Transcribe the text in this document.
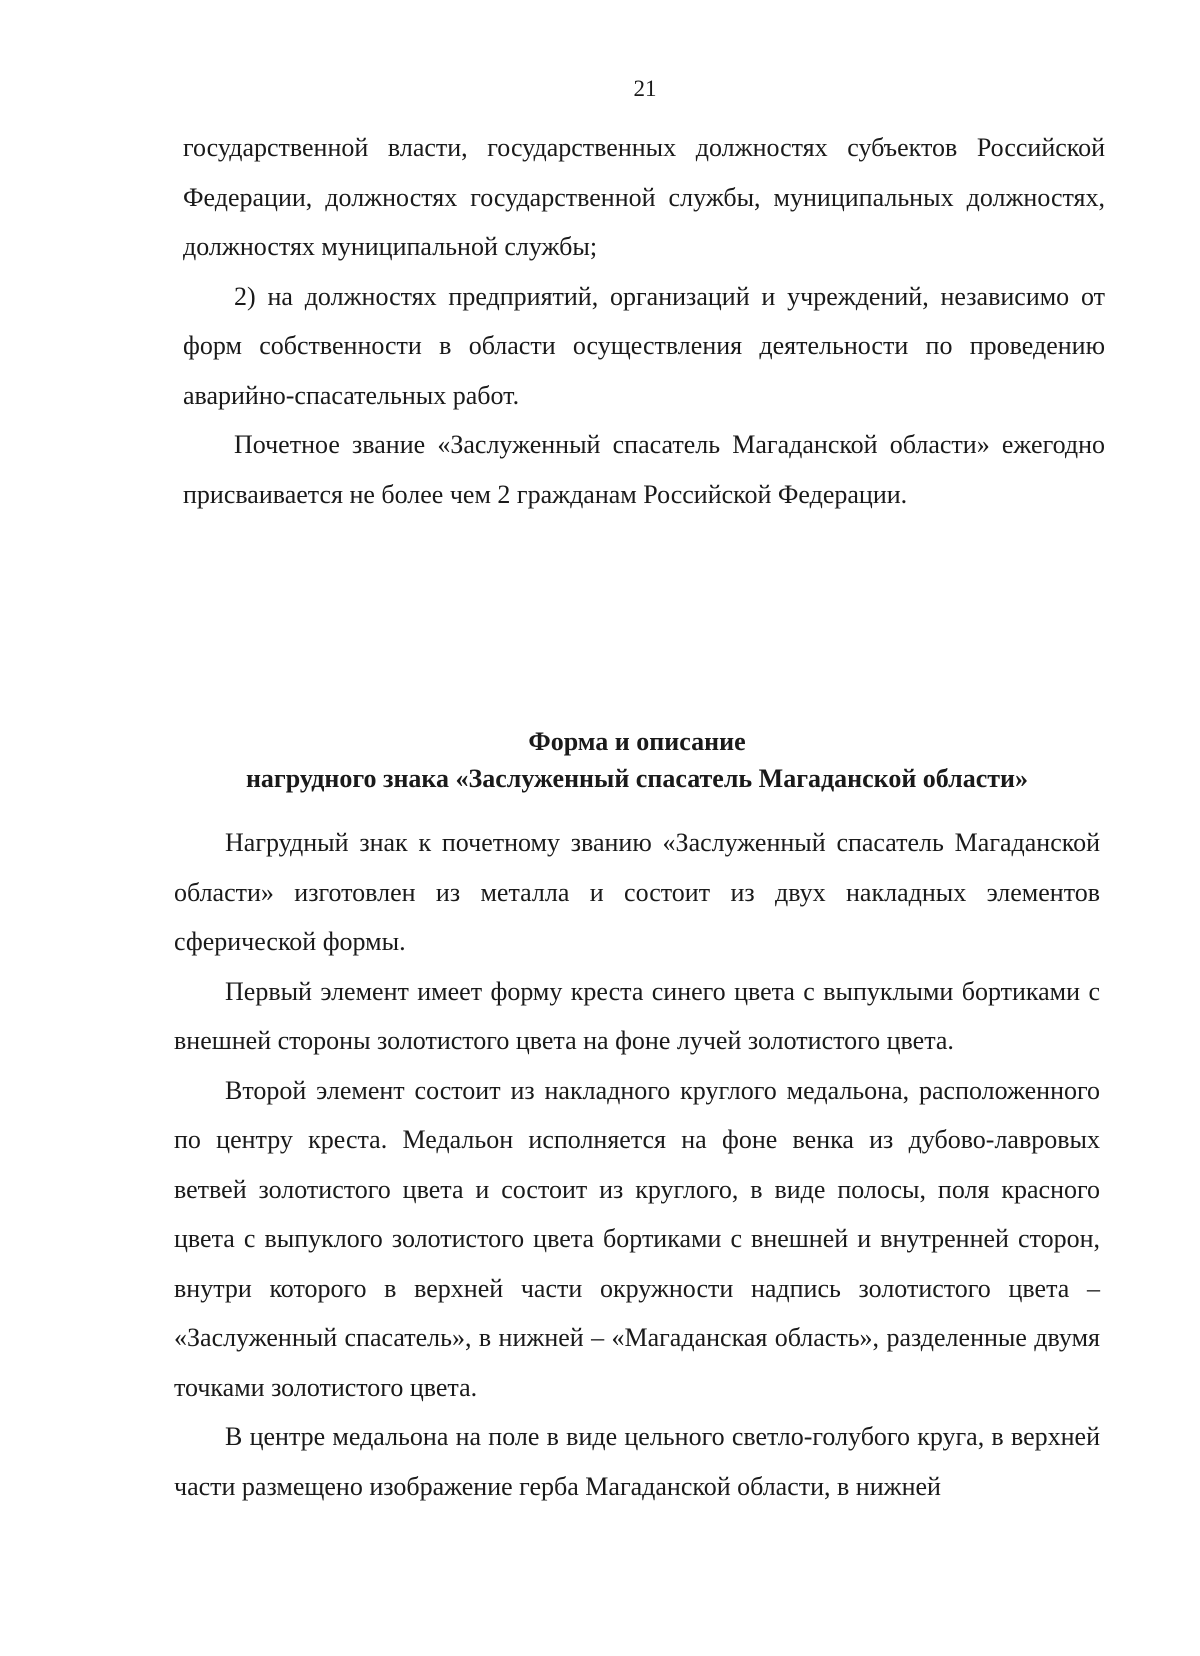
21

государственной власти, государственных должностях субъектов Российской Федерации, должностях государственной службы, муниципальных должностях, должностях муниципальной службы;

2) на должностях предприятий, организаций и учреждений, независимо от форм собственности в области осуществления деятельности по проведению аварийно-спасательных работ.

Почетное звание «Заслуженный спасатель Магаданской области» ежегодно присваивается не более чем 2 гражданам Российской Федерации.

Форма и описание
нагрудного знака «Заслуженный спасатель Магаданской области»

Нагрудный знак к почетному званию «Заслуженный спасатель Магаданской области» изготовлен из металла и состоит из двух накладных элементов сферической формы.

Первый элемент имеет форму креста синего цвета с выпуклыми бортиками с внешней стороны золотистого цвета на фоне лучей золотистого цвета.

Второй элемент состоит из накладного круглого медальона, расположенного по центру креста. Медальон исполняется на фоне венка из дубово-лавровых ветвей золотистого цвета и состоит из круглого, в виде полосы, поля красного цвета с выпуклого золотистого цвета бортиками с внешней и внутренней сторон, внутри которого в верхней части окружности надпись золотистого цвета – «Заслуженный спасатель», в нижней – «Магаданская область», разделенные двумя точками золотистого цвета.

В центре медальона на поле в виде цельного светло-голубого круга, в верхней части размещено изображение герба Магаданской области, в нижней
